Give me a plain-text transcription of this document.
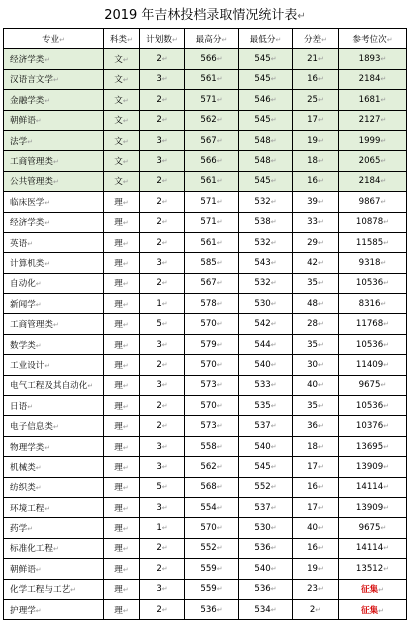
2019 年吉林投档录取情况统计表↵
专业↵	科类↵	计划数↵	最高分↵	最低分↵	分差↵	参考位次↵
经济学类↵	文↵	2↵	566↵	545↵	21↵	1893↵
汉语言文学↵	文↵	3↵	561↵	545↵	16↵	2184↵
金融学类↵	文↵	2↵	571↵	546↵	25↵	1681↵
朝鲜语↵	文↵	2↵	562↵	545↵	17↵	2127↵
法学↵	文↵	3↵	567↵	548↵	19↵	1999↵
工商管理类↵	文↵	3↵	566↵	548↵	18↵	2065↵
公共管理类↵	文↵	2↵	561↵	545↵	16↵	2184↵
临床医学↵	理↵	2↵	571↵	532↵	39↵	9867↵
经济学类↵	理↵	2↵	571↵	538↵	33↵	10878↵
英语↵	理↵	2↵	561↵	532↵	29↵	11585↵
计算机类↵	理↵	3↵	585↵	543↵	42↵	9318↵
自动化↵	理↵	2↵	567↵	532↵	35↵	10536↵
新闻学↵	理↵	1↵	578↵	530↵	48↵	8316↵
工商管理类↵	理↵	5↵	570↵	542↵	28↵	11768↵
数学类↵	理↵	3↵	579↵	544↵	35↵	10536↵
工业设计↵	理↵	2↵	570↵	540↵	30↵	11409↵
电气工程及其自动化↵	理↵	3↵	573↵	533↵	40↵	9675↵
日语↵	理↵	2↵	570↵	535↵	35↵	10536↵
电子信息类↵	理↵	2↵	573↵	537↵	36↵	10376↵
物理学类↵	理↵	3↵	558↵	540↵	18↵	13695↵
机械类↵	理↵	3↵	562↵	545↵	17↵	13909↵
纺织类↵	理↵	5↵	568↵	552↵	16↵	14114↵
环境工程↵	理↵	3↵	554↵	537↵	17↵	13909↵
药学↵	理↵	1↵	570↵	530↵	40↵	9675↵
标准化工程↵	理↵	2↵	552↵	536↵	16↵	14114↵
朝鲜语↵	理↵	2↵	559↵	540↵	19↵	13512↵
化学工程与工艺↵	理↵	3↵	559↵	536↵	23↵	征集↵
护理学↵	理↵	2↵	536↵	534↵	2↵	征集↵
